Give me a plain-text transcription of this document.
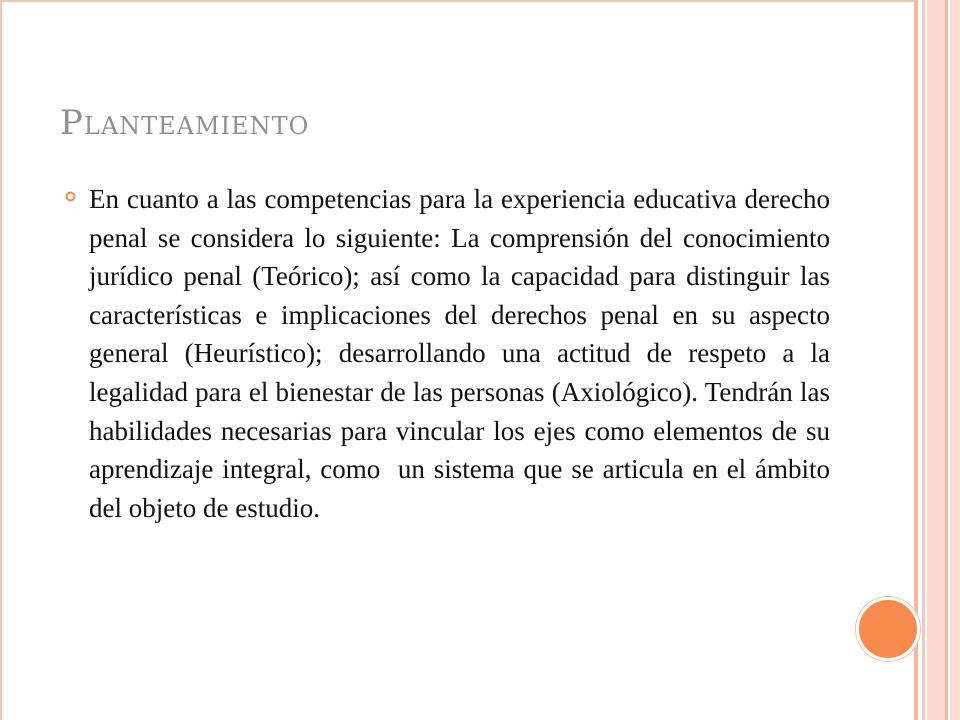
Planteamiento
En cuanto a las competencias para la experiencia educativa derecho penal se considera lo siguiente: La comprensión del conocimiento jurídico penal (Teórico); así como la capacidad para distinguir las características e implicaciones del derechos penal en su aspecto general (Heurístico); desarrollando una actitud de respeto a la legalidad para el bienestar de las personas (Axiológico). Tendrán las habilidades necesarias para vincular los ejes como elementos de su aprendizaje integral, como  un sistema que se articula en el ámbito del objeto de estudio.
